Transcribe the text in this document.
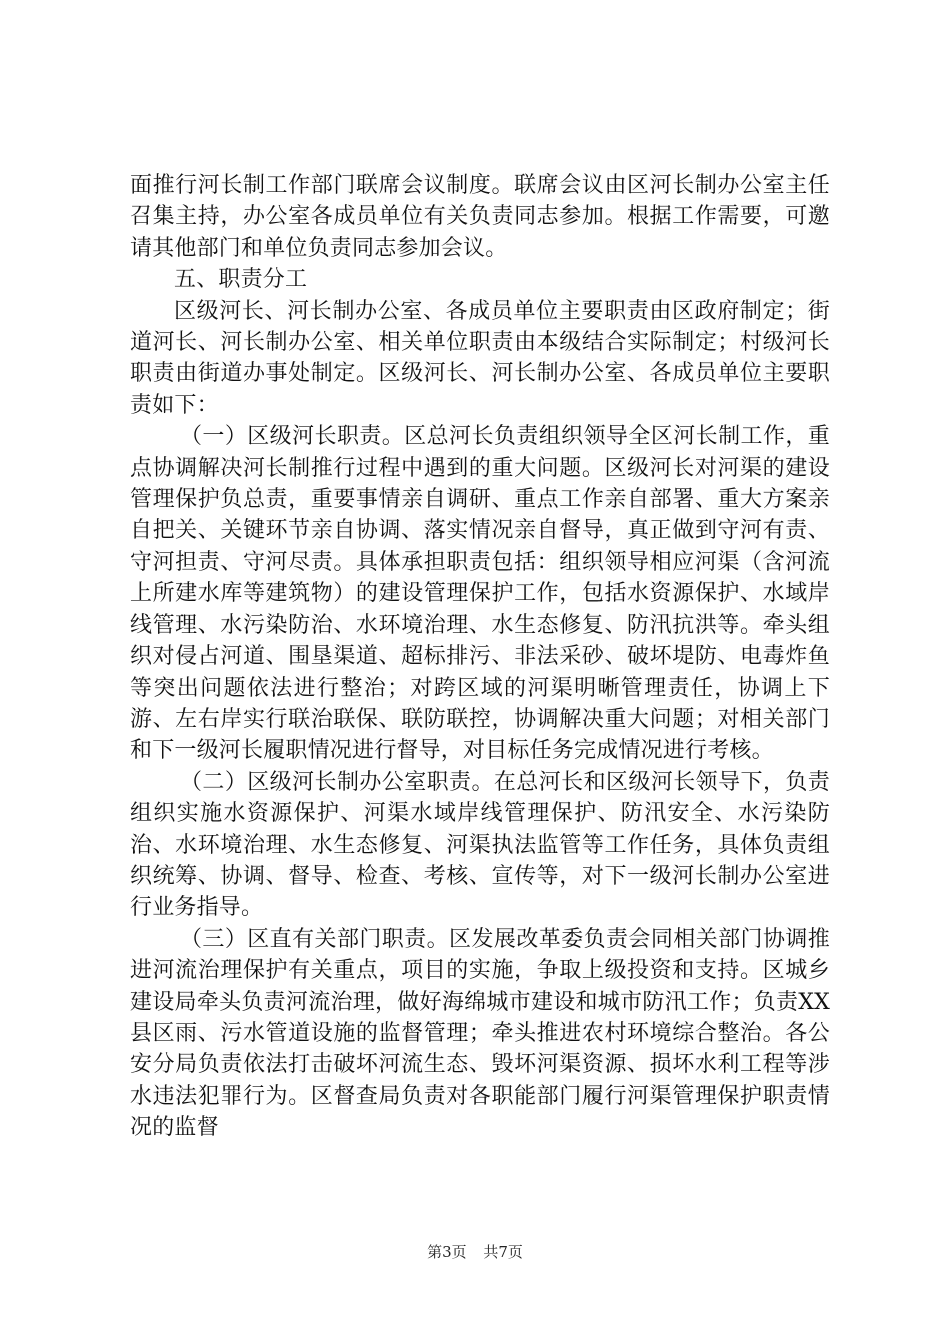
面推行河长制工作部门联席会议制度。联席会议由区河长制办公室主任召集主持，办公室各成员单位有关负责同志参加。根据工作需要，可邀请其他部门和单位负责同志参加会议。

五、职责分工

区级河长、河长制办公室、各成员单位主要职责由区政府制定；街道河长、河长制办公室、相关单位职责由本级结合实际制定；村级河长职责由街道办事处制定。区级河长、河长制办公室、各成员单位主要职责如下：

（一）区级河长职责。区总河长负责组织领导全区河长制工作，重点协调解决河长制推行过程中遇到的重大问题。区级河长对河渠的建设管理保护负总责，重要事情亲自调研、重点工作亲自部署、重大方案亲自把关、关键环节亲自协调、落实情况亲自督导，真正做到守河有责、守河担责、守河尽责。具体承担职责包括：组织领导相应河渠（含河流上所建水库等建筑物）的建设管理保护工作，包括水资源保护、水域岸线管理、水污染防治、水环境治理、水生态修复、防汛抗洪等。牵头组织对侵占河道、围垦渠道、超标排污、非法采砂、破坏堤防、电毒炸鱼等突出问题依法进行整治；对跨区域的河渠明晰管理责任，协调上下游、左右岸实行联治联保、联防联控，协调解决重大问题；对相关部门和下一级河长履职情况进行督导，对目标任务完成情况进行考核。

（二）区级河长制办公室职责。在总河长和区级河长领导下，负责组织实施水资源保护、河渠水域岸线管理保护、防汛安全、水污染防治、水环境治理、水生态修复、河渠执法监管等工作任务，具体负责组织统筹、协调、督导、检查、考核、宣传等，对下一级河长制办公室进行业务指导。

（三）区直有关部门职责。区发展改革委负责会同相关部门协调推进河流治理保护有关重点，项目的实施，争取上级投资和支持。区城乡建设局牵头负责河流治理，做好海绵城市建设和城市防汛工作；负责XX县区雨、污水管道设施的监督管理；牵头推进农村环境综合整治。各公安分局负责依法打击破坏河流生态、毁坏河渠资源、损坏水利工程等涉水违法犯罪行为。区督查局负责对各职能部门履行河渠管理保护职责情况的监督

第3页 共7页
